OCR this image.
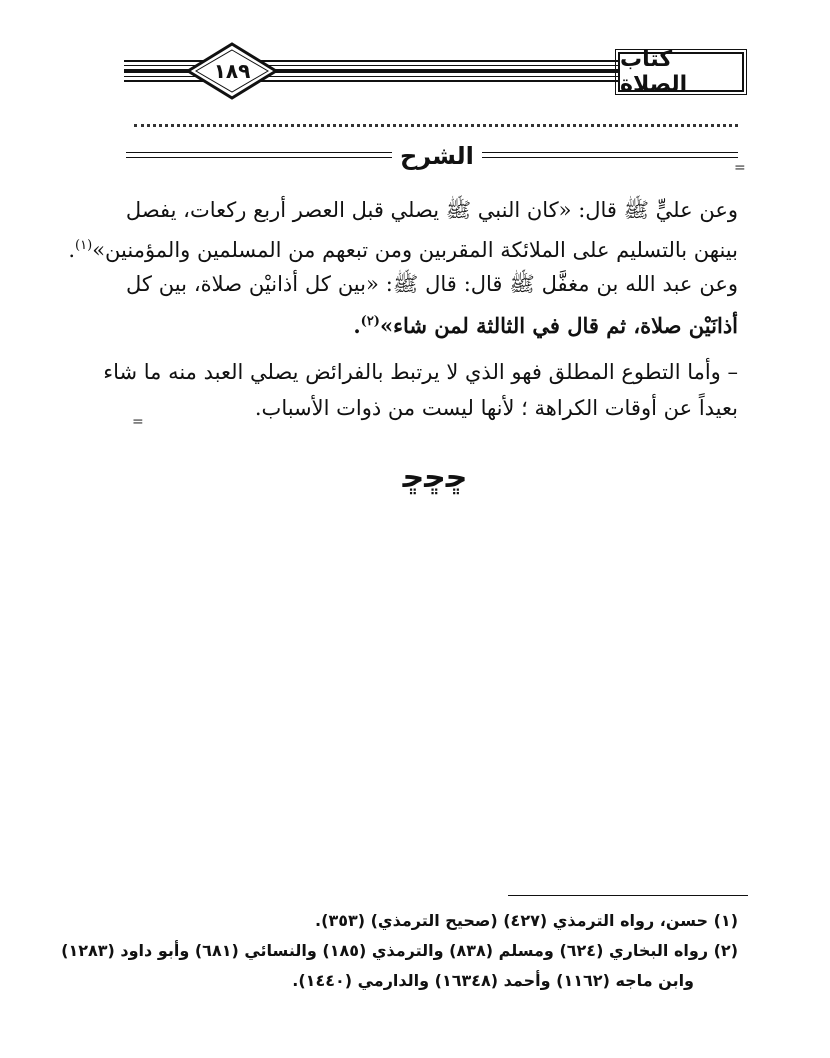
١٨٩	كتاب الصلاة
الشرح	=
وعن عليٍّ ﷺ قال: «كان النبي ﷺ يصلي قبل العصر أربع ركعات، يفصل
بينهن بالتسليم على الملائكة المقربين ومن تبعهم من المسلمين والمؤمنين»$^{(١)}$.
وعن عبد الله بن مغفَّل ﷺ قال: قال ﷺ: «بين كل أذانيْن صلاة، بين كل
أذانَيْن صلاة، ثم قال في الثالثة لمن شاء»$^{(٢)}$.
– وأما التطوع المطلق فهو الذي لا يرتبط بالفرائض يصلي العبد منه ما شاء
بعيداً عن أوقات الكراهة ؛ لأنها ليست من ذوات الأسباب.
=
ﮀﮀﮀ
(١) حسن، رواه الترمذي (٤٢٧) (صحيح الترمذي) (٣٥٣).
(٢) رواه البخاري (٦٢٤) ومسلم (٨٣٨) والترمذي (١٨٥) والنسائي (٦٨١) وأبو داود (١٢٨٣)
وابن ماجه (١١٦٢) وأحمد (١٦٣٤٨) والدارمي (١٤٤٠).
